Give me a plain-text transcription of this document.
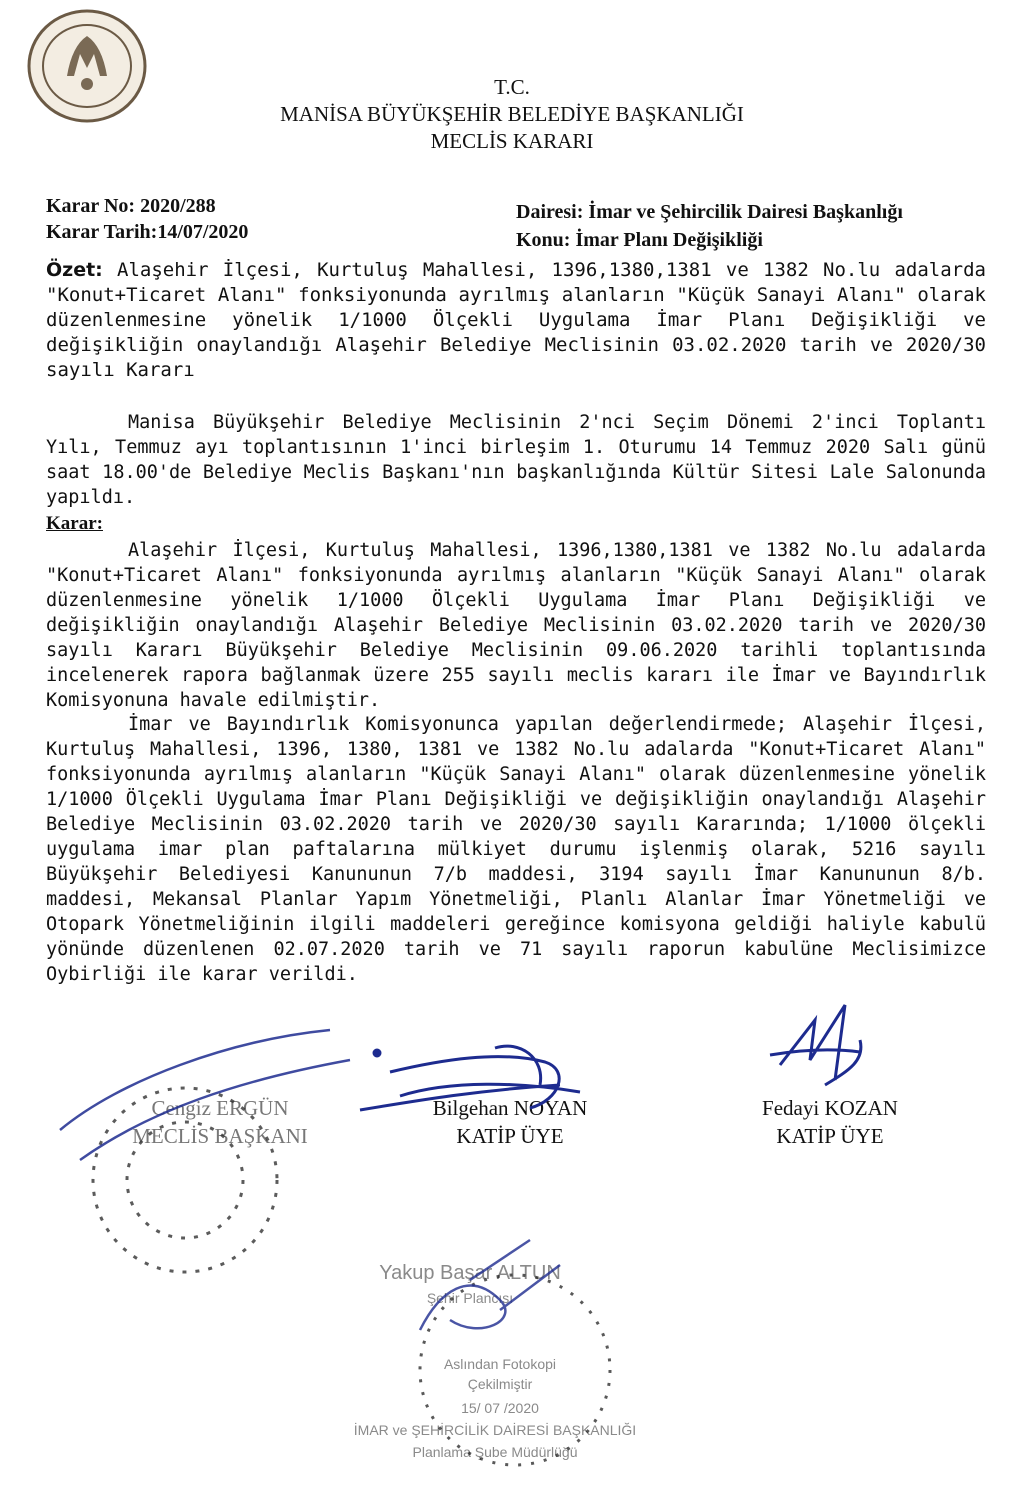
T.C.
MANİSA BÜYÜKŞEHİR BELEDİYE BAŞKANLIĞI
MECLİS KARARI
Karar No: 2020/288
Karar Tarih:14/07/2020
Dairesi: İmar ve Şehircilik Dairesi Başkanlığı
Konu: İmar Planı Değişikliği
Özet: Alaşehir İlçesi, Kurtuluş Mahallesi, 1396,1380,1381 ve 1382 No.lu adalarda "Konut+Ticaret Alanı" fonksiyonunda ayrılmış alanların "Küçük Sanayi Alanı" olarak düzenlenmesine yönelik 1/1000 Ölçekli Uygulama İmar Planı Değişikliği ve değişikliğin onaylandığı Alaşehir Belediye Meclisinin 03.02.2020 tarih ve 2020/30 sayılı Kararı
Manisa Büyükşehir Belediye Meclisinin 2'nci Seçim Dönemi 2'inci Toplantı Yılı, Temmuz ayı toplantısının 1'inci birleşim 1. Oturumu 14 Temmuz 2020 Salı günü saat 18.00'de Belediye Meclis Başkanı'nın başkanlığında Kültür Sitesi Lale Salonunda yapıldı.
Karar:
Alaşehir İlçesi, Kurtuluş Mahallesi, 1396,1380,1381 ve 1382 No.lu adalarda "Konut+Ticaret Alanı" fonksiyonunda ayrılmış alanların "Küçük Sanayi Alanı" olarak düzenlenmesine yönelik 1/1000 Ölçekli Uygulama İmar Planı Değişikliği ve değişikliğin onaylandığı Alaşehir Belediye Meclisinin 03.02.2020 tarih ve 2020/30 sayılı Kararı Büyükşehir Belediye Meclisinin 09.06.2020 tarihli toplantısında incelenerek rapora bağlanmak üzere 255 sayılı meclis kararı ile İmar ve Bayındırlık Komisyonuna havale edilmiştir.
İmar ve Bayındırlık Komisyonunca yapılan değerlendirmede; Alaşehir İlçesi, Kurtuluş Mahallesi, 1396, 1380, 1381 ve 1382 No.lu adalarda "Konut+Ticaret Alanı" fonksiyonunda ayrılmış alanların "Küçük Sanayi Alanı" olarak düzenlenmesine yönelik 1/1000 Ölçekli Uygulama İmar Planı Değişikliği ve değişikliğin onaylandığı Alaşehir Belediye Meclisinin 03.02.2020 tarih ve 2020/30 sayılı Kararında; 1/1000 ölçekli uygulama imar plan paftalarına mülkiyet durumu işlenmiş olarak, 5216 sayılı Büyükşehir Belediyesi Kanununun 7/b maddesi, 3194 sayılı İmar Kanununun 8/b. maddesi, Mekansal Planlar Yapım Yönetmeliği, Planlı Alanlar İmar Yönetmeliği ve Otopark Yönetmeliğinin ilgili maddeleri gereğince komisyona geldiği haliyle kabulü yönünde düzenlenen 02.07.2020 tarih ve 71 sayılı raporun kabulüne Meclisimizce Oybirliği ile karar verildi.
Cengiz ERGÜN
MECLİS BAŞKANI
Bilgehan NOYAN
KATİP ÜYE
Fedayi KOZAN
KATİP ÜYE
Yakup Başar ALTUN
Şehir Plancısı
Aslından Fotokopi
Çekilmiştir
15/ 07 /2020
İMAR ve ŞEHİRCİLİK DAİRESİ BAŞKANLIĞI
Planlama Şube Müdürlüğü
